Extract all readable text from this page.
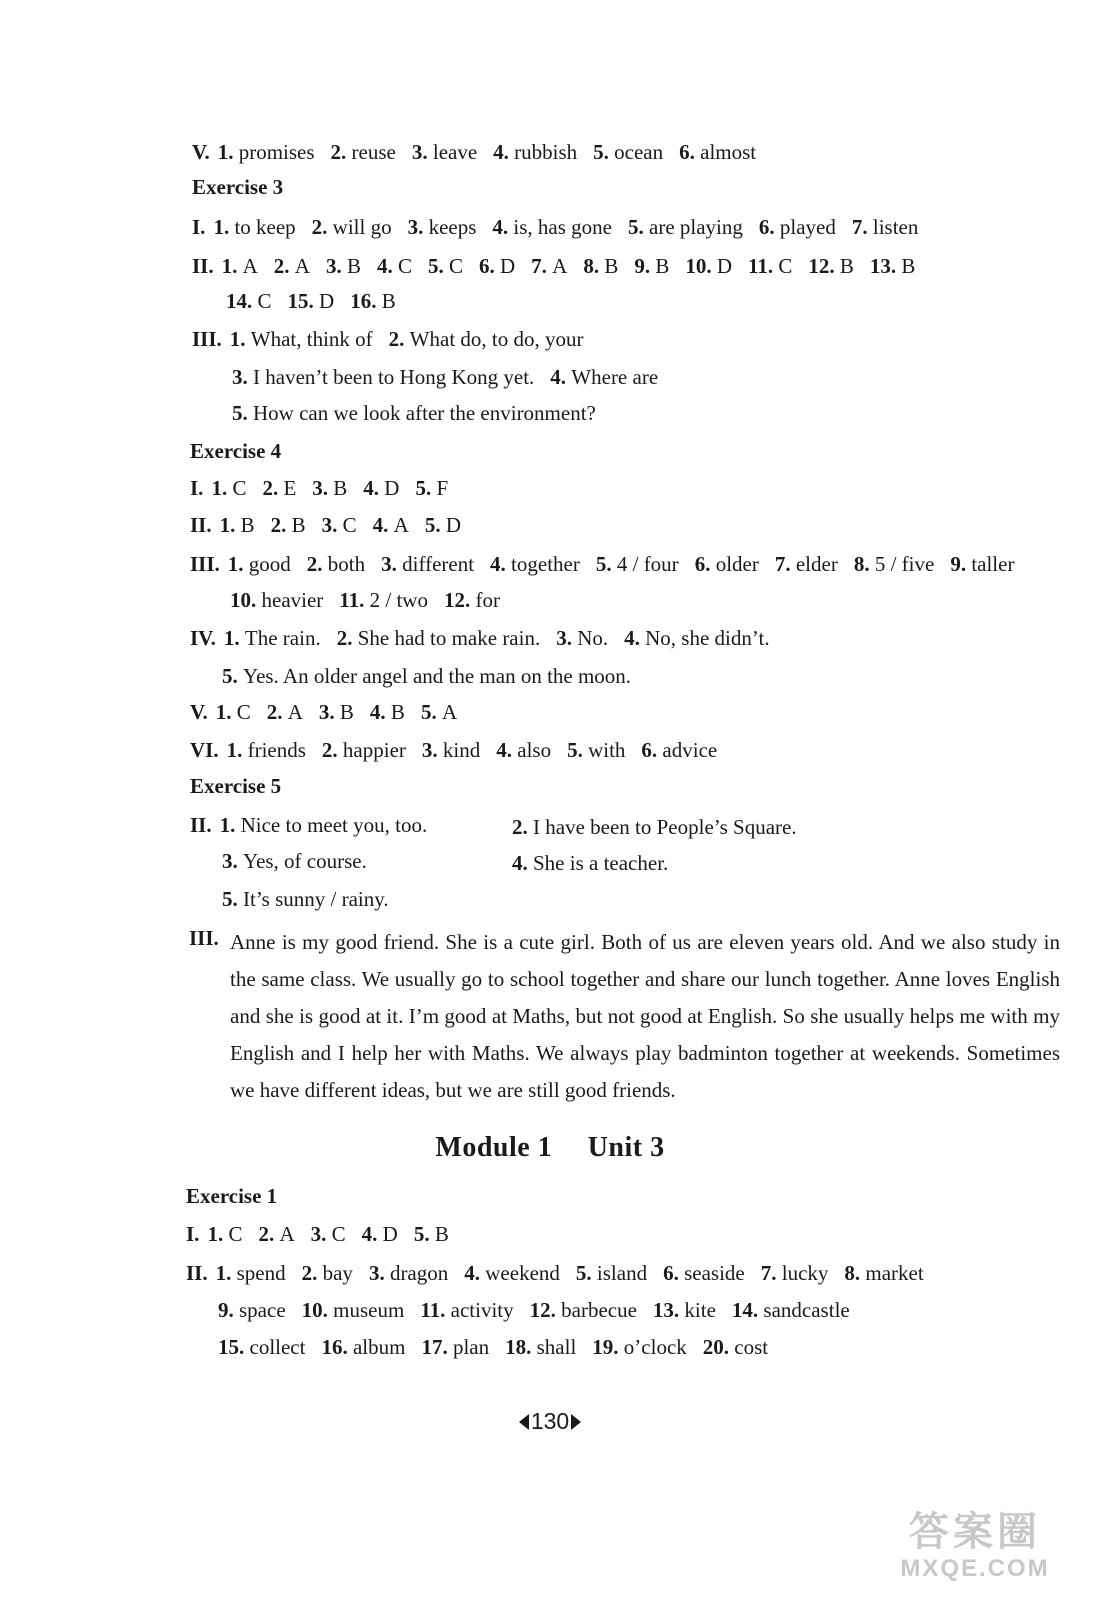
V. 1. promises 2. reuse 3. leave 4. rubbish 5. ocean 6. almost
Exercise 3
I. 1. to keep 2. will go 3. keeps 4. is, has gone 5. are playing 6. played 7. listen
II. 1. A 2. A 3. B 4. C 5. C 6. D 7. A 8. B 9. B 10. D 11. C 12. B 13. B
14. C 15. D 16. B
III. 1. What, think of 2. What do, to do, your
3. I haven’t been to Hong Kong yet. 4. Where are
5. How can we look after the environment?
Exercise 4
I. 1. C 2. E 3. B 4. D 5. F
II. 1. B 2. B 3. C 4. A 5. D
III. 1. good 2. both 3. different 4. together 5. 4 / four 6. older 7. elder 8. 5 / five 9. taller
10. heavier 11. 2 / two 12. for
IV. 1. The rain. 2. She had to make rain. 3. No. 4. No, she didn’t.
5. Yes. An older angel and the man on the moon.
V. 1. C 2. A 3. B 4. B 5. A
VI. 1. friends 2. happier 3. kind 4. also 5. with 6. advice
Exercise 5
II. 1. Nice to meet you, too.	2. I have been to People’s Square.
3. Yes, of course.	4. She is a teacher.
5. It’s sunny / rainy.
III. Anne is my good friend. She is a cute girl. Both of us are eleven years old. And we also study in the same class. We usually go to school together and share our lunch together. Anne loves English and she is good at it. I’m good at Maths, but not good at English. So she usually helps me with my English and I help her with Maths. We always play badminton together at weekends. Sometimes we have different ideas, but we are still good friends.
Module 1 Unit 3
Exercise 1
I. 1. C 2. A 3. C 4. D 5. B
II. 1. spend 2. bay 3. dragon 4. weekend 5. island 6. seaside 7. lucky 8. market
9. space 10. museum 11. activity 12. barbecue 13. kite 14. sandcastle
15. collect 16. album 17. plan 18. shall 19. o’clock 20. cost
130
答案圈
MXQE.COM
